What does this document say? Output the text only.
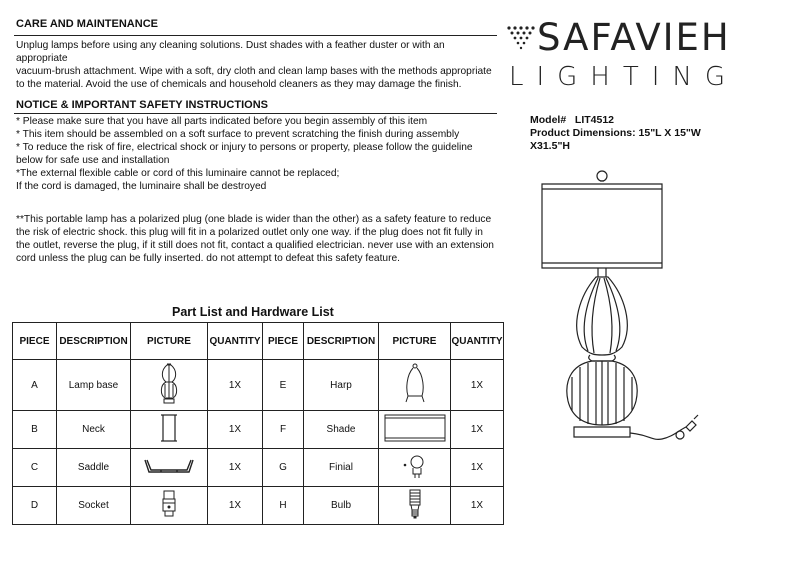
CARE AND MAINTENANCE
Unplug lamps before using any cleaning solutions. Dust shades with a feather duster or with an
appropriate
vacuum-brush attachment. Wipe with a soft, dry cloth and clean lamp bases with the methods appropriate
to the material. Avoid the use of chemicals and household cleaners as they may damage the finish.
NOTICE & IMPORTANT SAFETY INSTRUCTIONS
* Please make sure that you have all parts indicated before you begin assembly of this item
* This item should be assembled on a soft surface to prevent scratching the finish during assembly
* To reduce the risk of fire, electrical shock or injury to persons or property, please follow the guideline
below for safe use and installation
*The external flexible cable or cord of this luminaire cannot be replaced;
If the cord is damaged, the luminaire shall be destroyed
**This portable lamp has a polarized plug (one blade is wider than the other) as a safety feature to reduce
the risk of electric shock. this plug will fit in a polarized outlet only one way. if the plug does not fit fully in
the outlet, reverse the plug, if it still does not fit, contact a qualified electrician. never use with an extension
cord unless the plug can be fully inserted. do not attempt to defeat this safety feature.
SAFAVIEH
LIGHTING
Model#   LIT4512
Product Dimensions: 15"L X 15"W
X31.5"H
Part List and Hardware List
PIECE	DESCRIPTION	PICTURE	QUANTITY	PIECE	DESCRIPTION	PICTURE	QUANTITY
A	Lamp base		1X	E	Harp		1X
B	Neck		1X	F	Shade		1X
C	Saddle		1X	G	Finial		1X
D	Socket		1X	H	Bulb		1X
